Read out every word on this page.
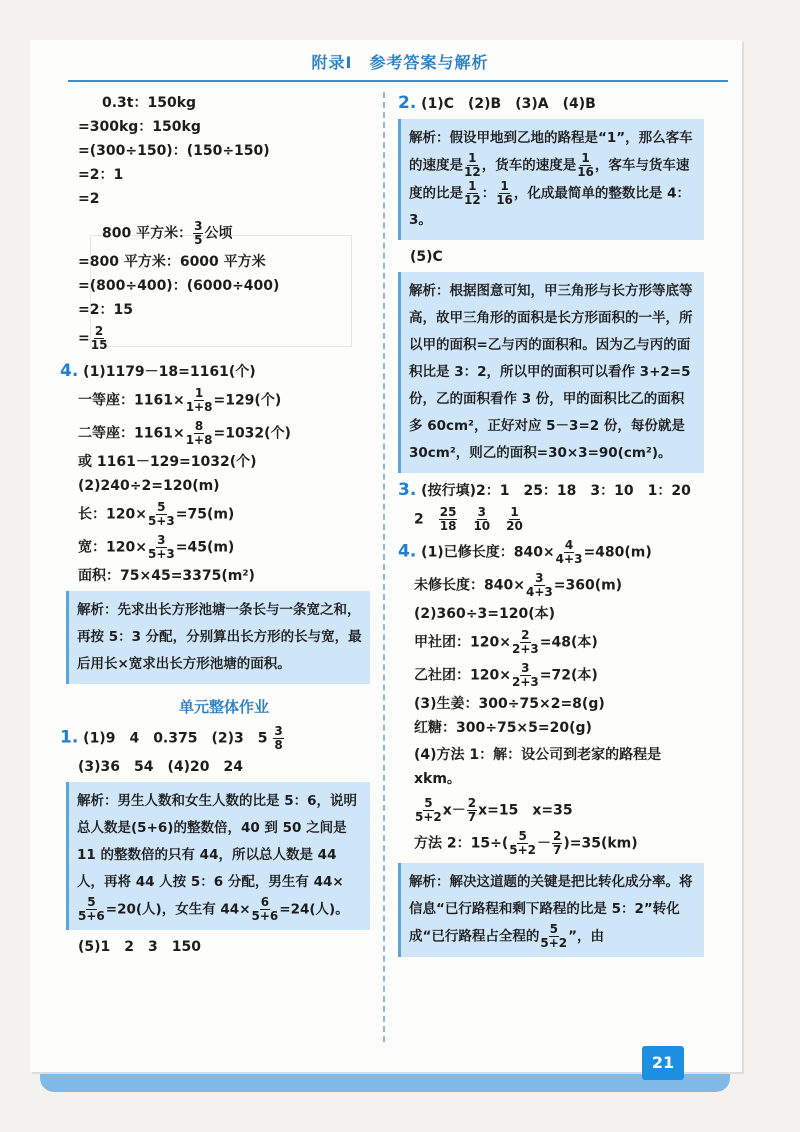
附录Ⅰ　参考答案与解析
0.3t：150kg
=300kg：150kg
=(300÷150)：(150÷150)
=2：1
=2
800 平方米： $\frac{3}{5}$ 公顷
=800 平方米：6000 平方米
=(800÷400)：(6000÷400)
=2：15
= $\frac{2}{15}$
4. (1)1179－18=1161(个)
一等座：$1161\times \frac{1}{1+8} =129$(个)
二等座：$1161\times \frac{8}{1+8} =1032$(个)
或 1161－129=1032(个)
(2)240÷2=120(m)
长：$120\times \frac{5}{5+3} =75(m)$
宽：$120\times \frac{3}{5+3} =45(m)$
面积：75×45=3375(m²)
解析：先求出长方形池塘一条长与一条宽之和，再按 5：3 分配，分别算出长方形的长与宽，最后用长×宽求出长方形池塘的面积。
单元整体作业
1. (1)9　4　0.375　(2)3　$5 \frac{3}{8}$
(3)36　54　(4)20　24
解析：男生人数和女生人数的比是 5：6，说明总人数是(5+6)的整数倍，40 到 50 之间是 11 的整数倍的只有 44，所以总人数是 44 人，再将 44 人按 5：6 分配，男生有 44×
$\frac{5}{5+6} =20$(人)，女生有 $44\times \frac{6}{5+6} =24$(人)。
(5)1　2　3　150
2. (1)C　(2)B　(3)A　(4)B
解析：假设甲地到乙地的路程是“1”，那么客车的速度是 $\frac{1}{12}$ ，货车的速度是 $\frac{1}{16}$ ，客车与货车速度的比是 $\frac{1}{12}$ ： $\frac{1}{16}$ ，化成最简单的整数比是 4：3。
(5)C
解析：根据图意可知，甲三角形与长方形等底等高，故甲三角形的面积是长方形面积的一半，所以甲的面积=乙与丙的面积和。因为乙与丙的面积比是 3：2，所以甲的面积可以看作 3+2=5 份，乙的面积看作 3 份，甲的面积比乙的面积多 60cm²，正好对应 5－3=2 份，每份就是 30cm²，则乙的面积=30×3=90(cm²)。
3. (按行填)2：1　25：18　3：10　1：20
2　 $\frac{25}{18}$
　 $\frac{3}{10}$
　 $\frac{1}{20}$
4. (1)已修长度：$840\times \frac{4}{4+3} =480(m)$
未修长度：$840\times \frac{3}{4+3} =360(m)$
(2)360÷3=120(本)
甲社团：$120\times \frac{2}{2+3} =48$(本)
乙社团：$120\times \frac{3}{2+3} =72$(本)
(3)生姜：300÷75×2=8(g)
红糖：300÷75×5=20(g)
(4)方法 1：解：设公司到老家的路程是 xkm。
$\frac{5}{5+2} x- \frac{2}{7} x=15$　x=35
方法 2：$15\div( \frac{5}{5+2} - \frac{2}{7} )=35(km)$
解析：解决这道题的关键是把比转化成分率。将信息“已行路程和剩下路程的比是 5：2”转化成“已行路程占全程的 $\frac{5}{5+2}$ ”，由
21
